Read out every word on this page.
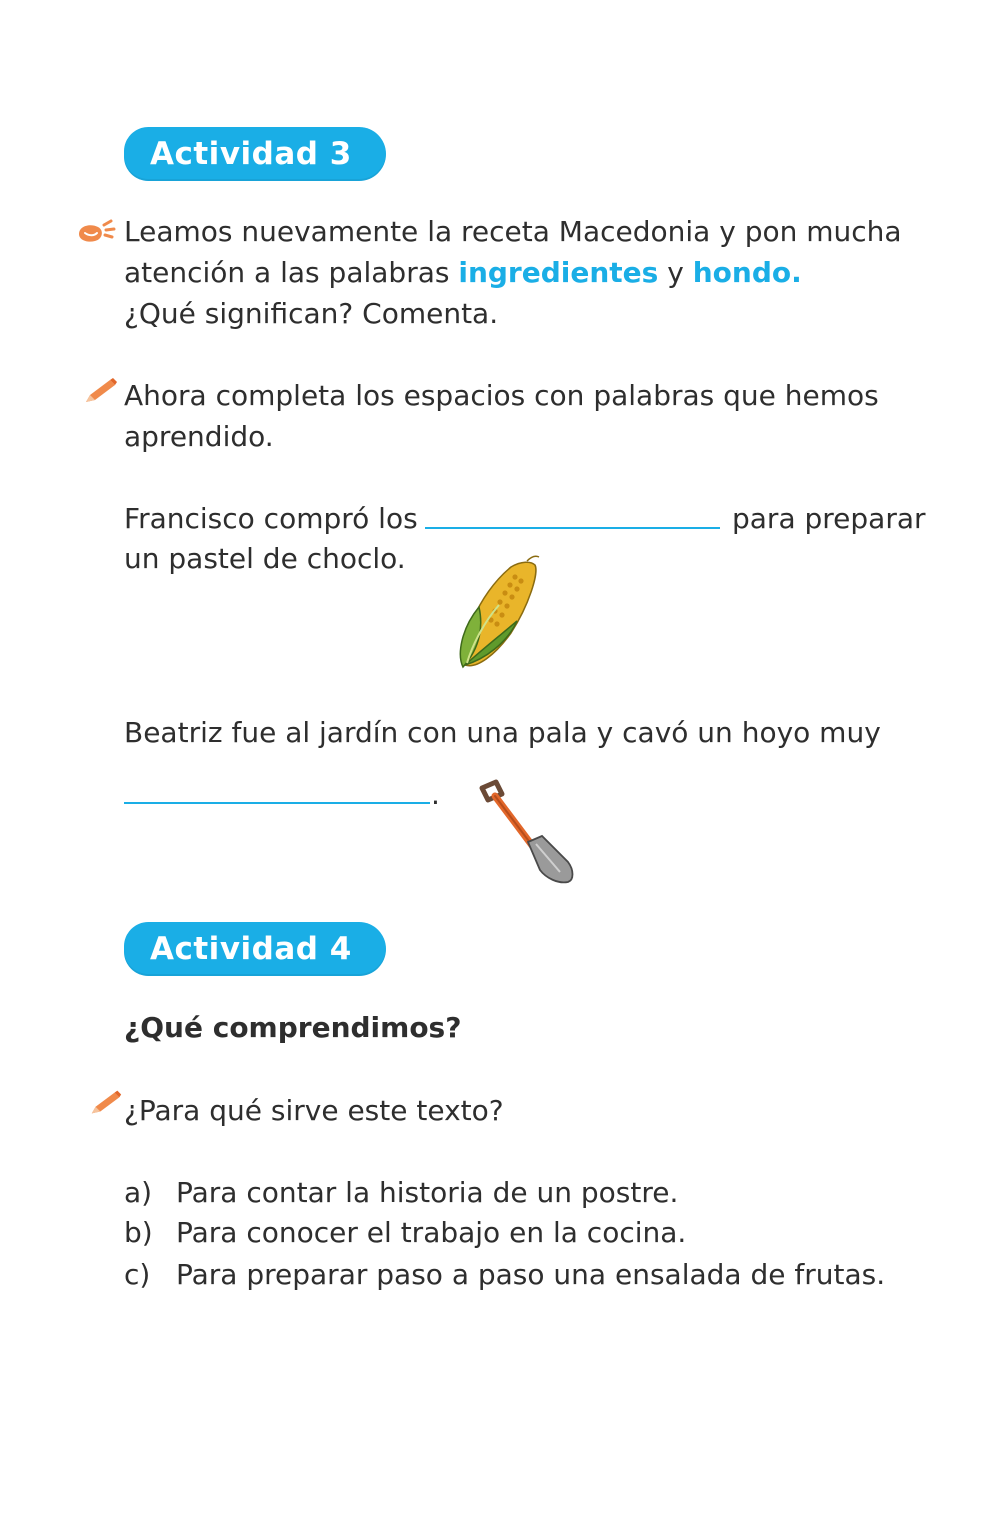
Actividad 3
Leamos nuevamente la receta Macedonia y pon mucha
atención a las palabras ingredientes y hondo.
¿Qué significan? Comenta.
Ahora completa los espacios con palabras que hemos
aprendido.
Francisco compró los	para preparar
un pastel de choclo.
Beatriz fue al jardín con una pala y cavó un hoyo muy
.
Actividad 4
¿Qué comprendimos?
¿Para qué sirve este texto?
a) Para contar la historia de un postre.
b) Para conocer el trabajo en la cocina.
c) Para preparar paso a paso una ensalada de frutas.
